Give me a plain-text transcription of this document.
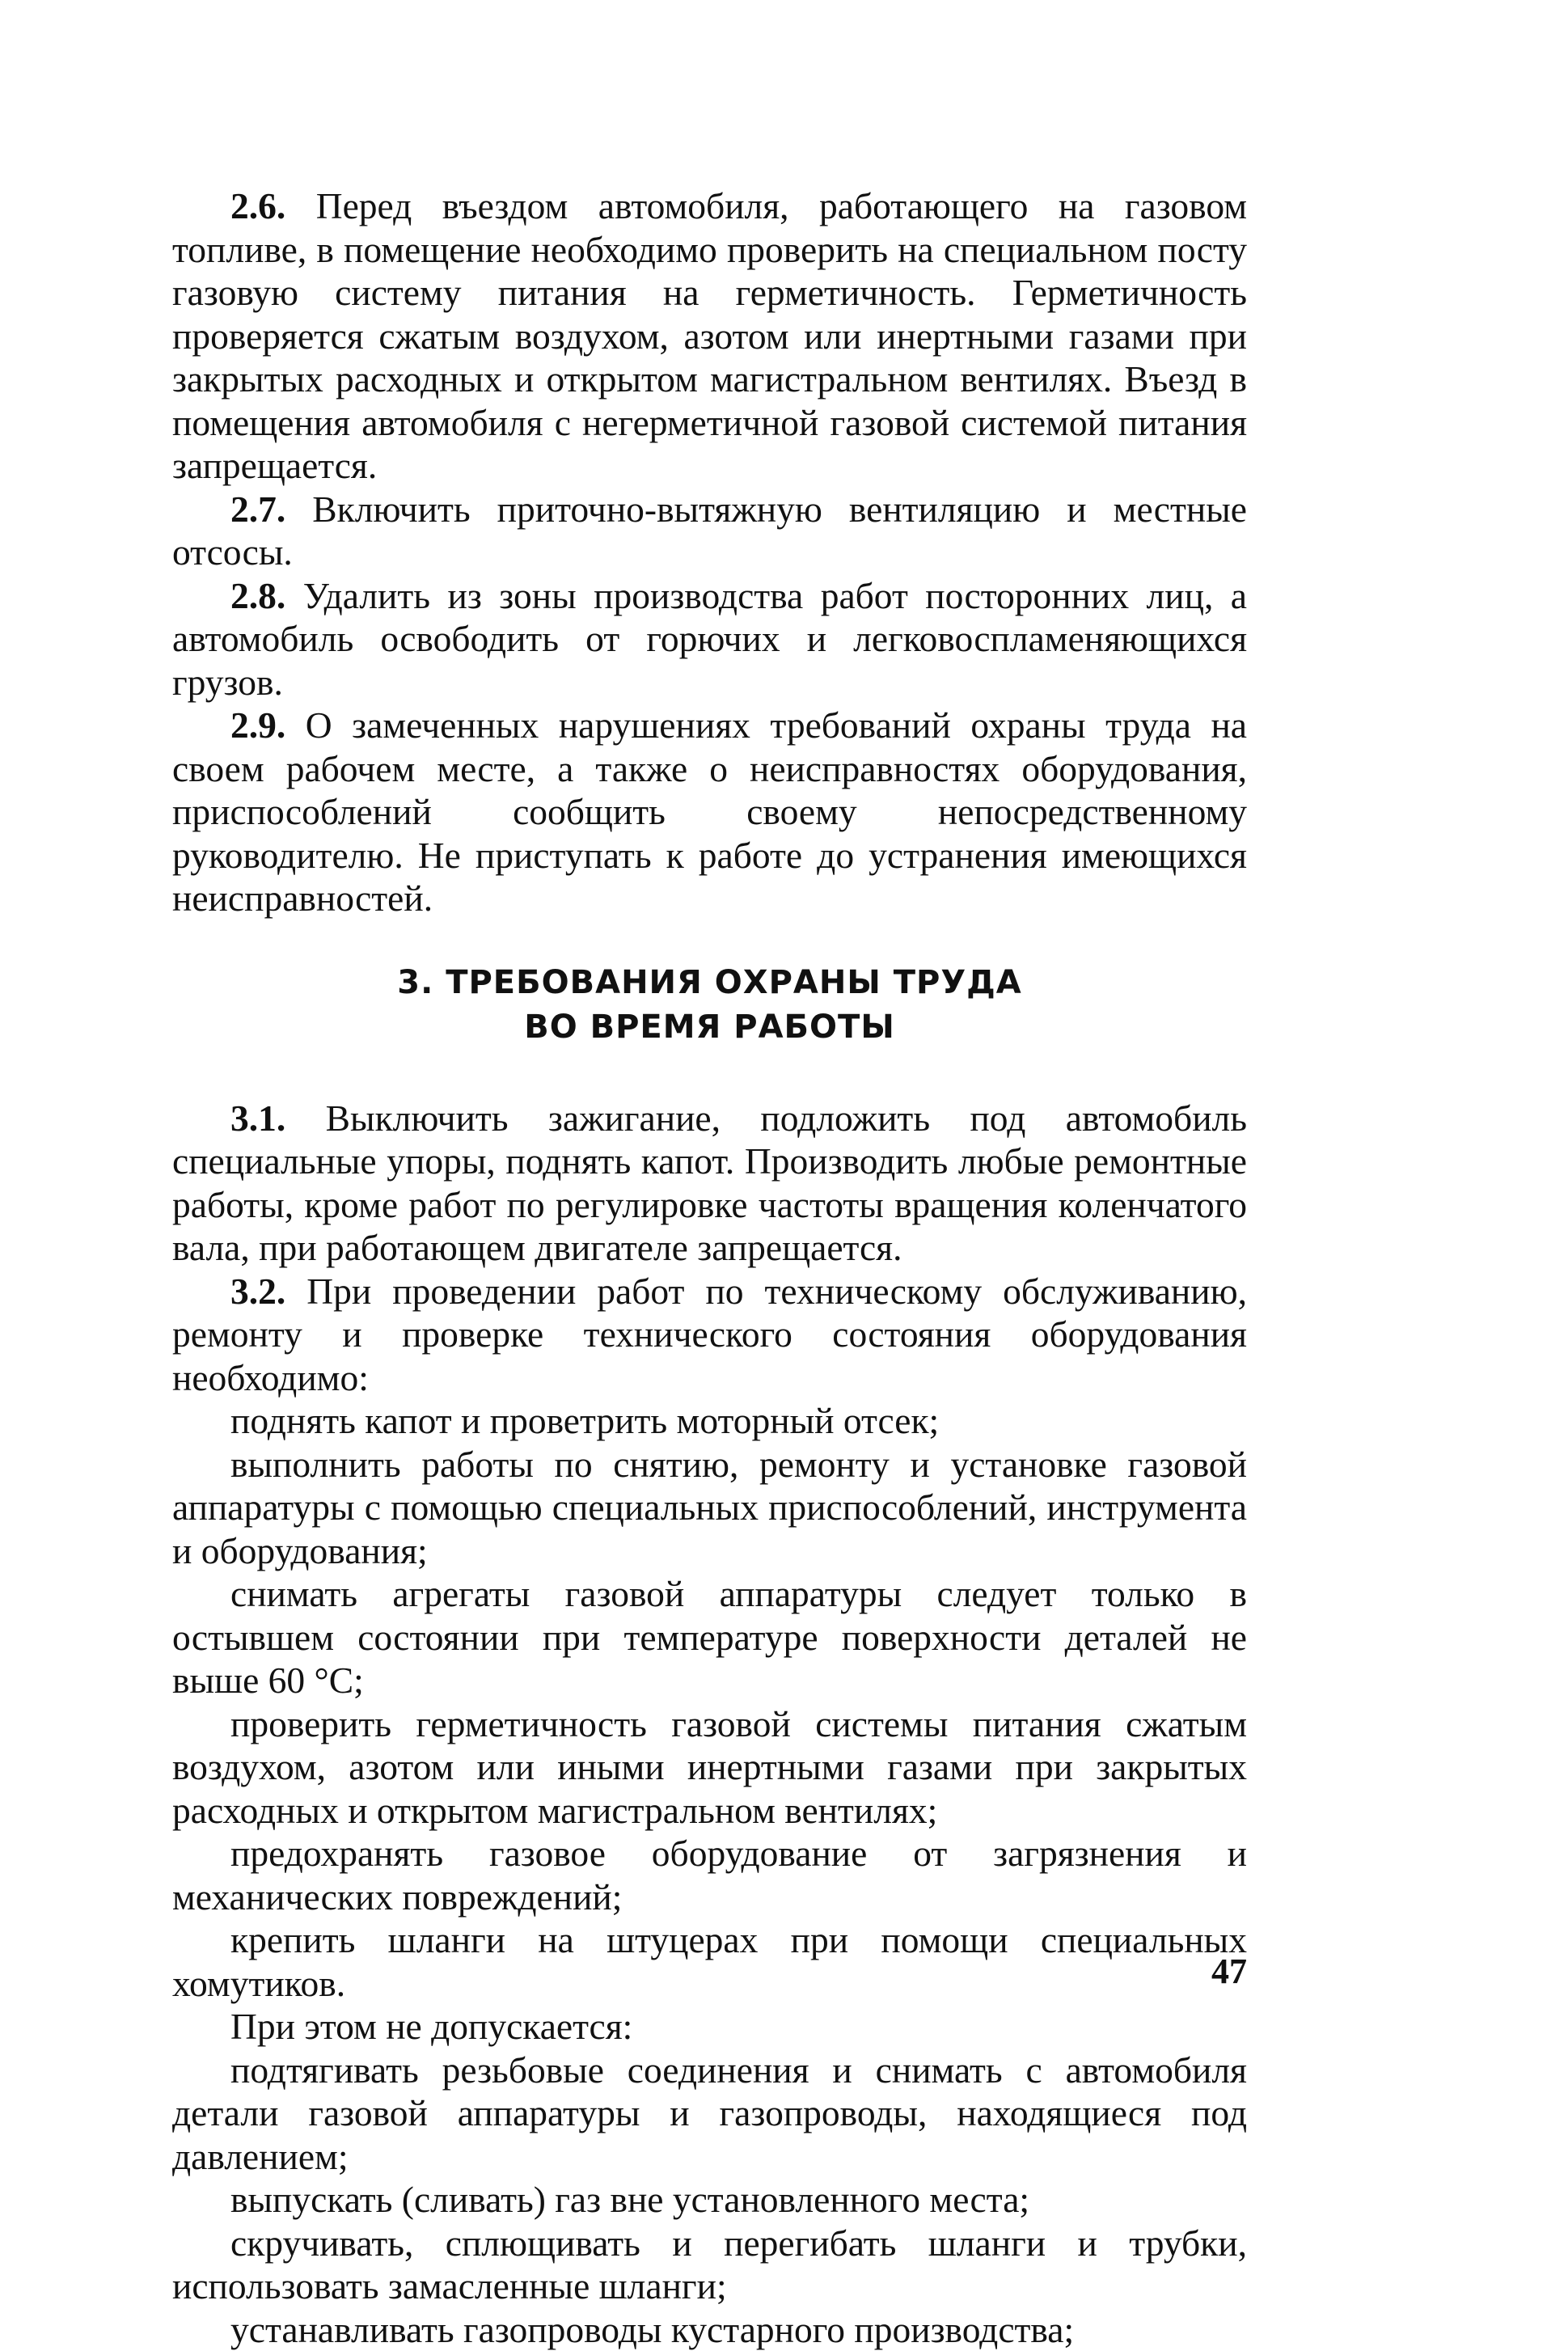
2.6. Перед въездом автомобиля, работающего на газовом топливе, в помещение необходимо проверить на специальном посту газовую систему питания на герметичность. Герметичность проверяется сжатым воздухом, азотом или инертными газами при закрытых расходных и открытом магистральном вентилях. Въезд в помещения автомобиля с негерметичной газовой системой питания запрещается.

2.7. Включить приточно-вытяжную вентиляцию и местные отсосы.

2.8. Удалить из зоны производства работ посторонних лиц, а автомобиль освободить от горючих и легковоспламеняющихся грузов.

2.9. О замеченных нарушениях требований охраны труда на своем рабочем месте, а также о неисправностях оборудования, приспособлений сообщить своему непосредственному руководителю. Не приступать к работе до устранения имеющихся неисправностей.

3. ТРЕБОВАНИЯ ОХРАНЫ ТРУДА
ВО ВРЕМЯ РАБОТЫ

3.1. Выключить зажигание, подложить под автомобиль специальные упоры, поднять капот. Производить любые ремонтные работы, кроме работ по регулировке частоты вращения коленчатого вала, при работающем двигателе запрещается.

3.2. При проведении работ по техническому обслуживанию, ремонту и проверке технического состояния оборудования необходимо:

поднять капот и проветрить моторный отсек;

выполнить работы по снятию, ремонту и установке газовой аппаратуры с помощью специальных приспособлений, инструмента и оборудования;

снимать агрегаты газовой аппаратуры следует только в остывшем состоянии при температуре поверхности деталей не выше 60 °С;

проверить герметичность газовой системы питания сжатым воздухом, азотом или иными инертными газами при закрытых расходных и открытом магистральном вентилях;

предохранять газовое оборудование от загрязнения и механических повреждений;

крепить шланги на штуцерах при помощи специальных хомутиков.

При этом не допускается:

подтягивать резьбовые соединения и снимать с автомобиля детали газовой аппаратуры и газопроводы, находящиеся под давлением;

выпускать (сливать) газ вне установленного места;

скручивать, сплющивать и перегибать шланги и трубки, использовать замасленные шланги;

устанавливать газопроводы кустарного производства;

47
